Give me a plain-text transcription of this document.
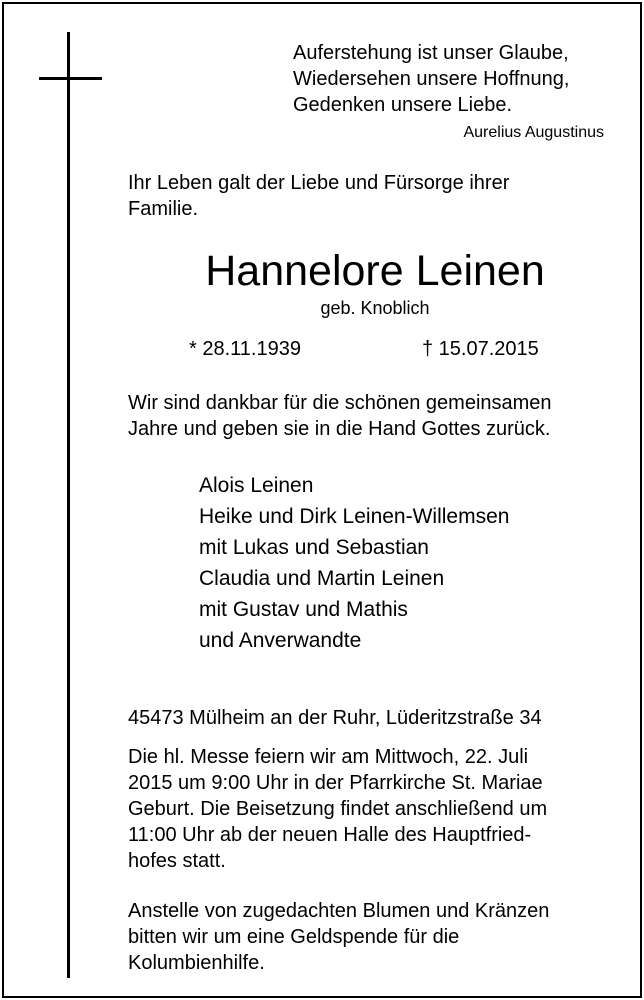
Auferstehung ist unser Glaube,
Wiedersehen unsere Hoffnung,
Gedenken unsere Liebe.
Aurelius Augustinus
Ihr Leben galt der Liebe und Fürsorge ihrer
Familie.
Hannelore Leinen
geb. Knoblich
* 28.11.1939	† 15.07.2015
Wir sind dankbar für die schönen gemeinsamen
Jahre und geben sie in die Hand Gottes zurück.
Alois Leinen
Heike und Dirk Leinen-Willemsen
mit Lukas und Sebastian
Claudia und Martin Leinen
mit Gustav und Mathis
und Anverwandte
45473 Mülheim an der Ruhr, Lüderitzstraße 34
Die hl. Messe feiern wir am Mittwoch, 22. Juli
2015 um 9:00 Uhr in der Pfarrkirche St. Mariae
Geburt. Die Beisetzung findet anschließend um
11:00 Uhr ab der neuen Halle des Hauptfried-
hofes statt.
Anstelle von zugedachten Blumen und Kränzen
bitten wir um eine Geldspende für die
Kolumbienhilfe.
